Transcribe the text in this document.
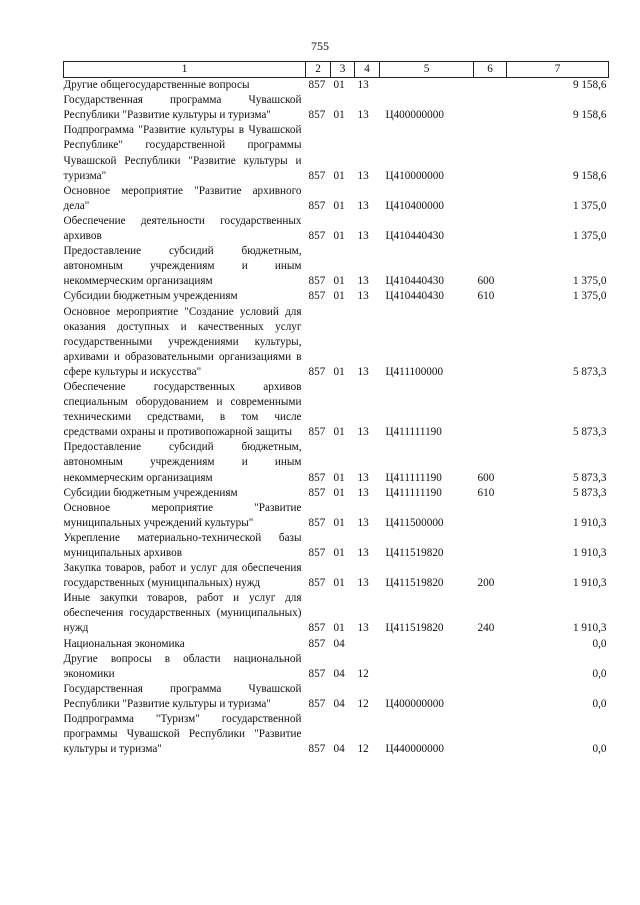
755
1	2	3	4	5	6	7
Другие общегосударственные вопросы	857	01	13			9 158,6
Государственная программа Чувашской Республики "Развитие культуры и туризма"	857	01	13	Ц400000000		9 158,6
Подпрограмма "Развитие культуры в Чувашской Республике" государственной программы Чувашской Республики "Развитие культуры и туризма"	857	01	13	Ц410000000		9 158,6
Основное мероприятие "Развитие архивного дела"	857	01	13	Ц410400000		1 375,0
Обеспечение деятельности государственных архивов	857	01	13	Ц410440430		1 375,0
Предоставление субсидий бюджетным, автономным учреждениям и иным некоммерческим организациям	857	01	13	Ц410440430	600	1 375,0
Субсидии бюджетным учреждениям	857	01	13	Ц410440430	610	1 375,0
Основное мероприятие "Создание условий для оказания доступных и качественных услуг государственными учреждениями культуры, архивами и образовательными организациями в сфере культуры и искусства"	857	01	13	Ц411100000		5 873,3
Обеспечение государственных архивов специальным оборудованием и современными техническими средствами, в том числе средствами охраны и противопожарной защиты	857	01	13	Ц411111190		5 873,3
Предоставление субсидий бюджетным, автономным учреждениям и иным некоммерческим организациям	857	01	13	Ц411111190	600	5 873,3
Субсидии бюджетным учреждениям	857	01	13	Ц411111190	610	5 873,3
Основное мероприятие "Развитие муниципальных учреждений культуры"	857	01	13	Ц411500000		1 910,3
Укрепление материально-технической базы муниципальных архивов	857	01	13	Ц411519820		1 910,3
Закупка товаров, работ и услуг для обеспечения государственных (муниципальных) нужд	857	01	13	Ц411519820	200	1 910,3
Иные закупки товаров, работ и услуг для обеспечения государственных (муниципальных) нужд	857	01	13	Ц411519820	240	1 910,3
Национальная экономика	857	04				0,0
Другие вопросы в области национальной экономики	857	04	12			0,0
Государственная программа Чувашской Республики "Развитие культуры и туризма"	857	04	12	Ц400000000		0,0
Подпрограмма "Туризм" государственной программы Чувашской Республики "Развитие культуры и туризма"	857	04	12	Ц440000000		0,0
